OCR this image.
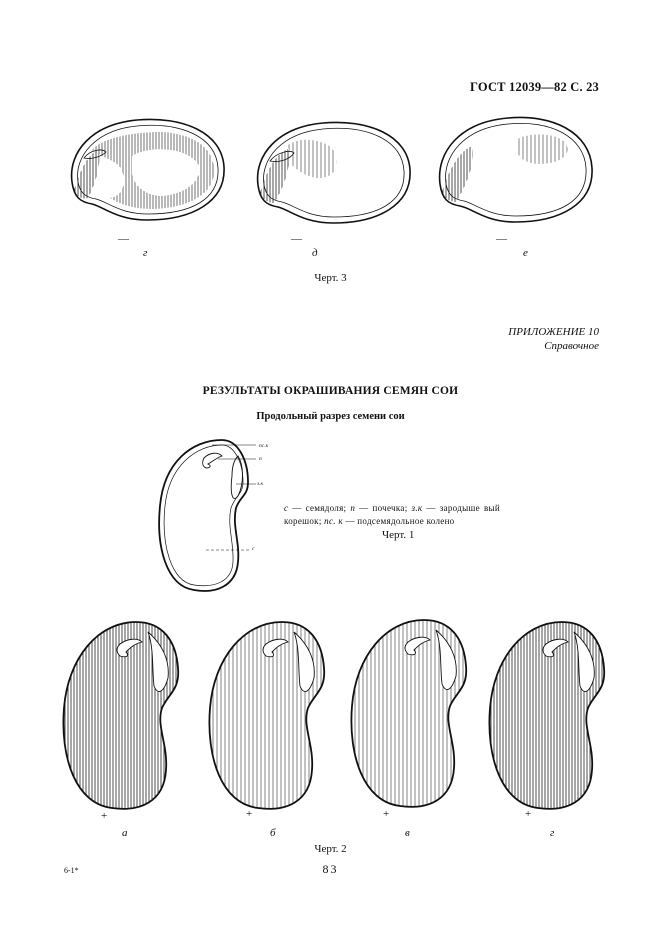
ГОСТ 12039—82 С. 23
—
г
—
д
—
е
Черт. 3
ПРИЛОЖЕНИЕ 10
Справочное
РЕЗУЛЬТАТЫ ОКРАШИВАНИЯ СЕМЯН СОИ
Продольный разрез семени сои
пс.к
п
з.к
с
с — семядоля; п — почечка; з.к — зародыше вый корешок; пс. к — подсемядольное колено
Черт. 1
+
а
+
б
+
в
+
г
Черт. 2
6-1*	83
